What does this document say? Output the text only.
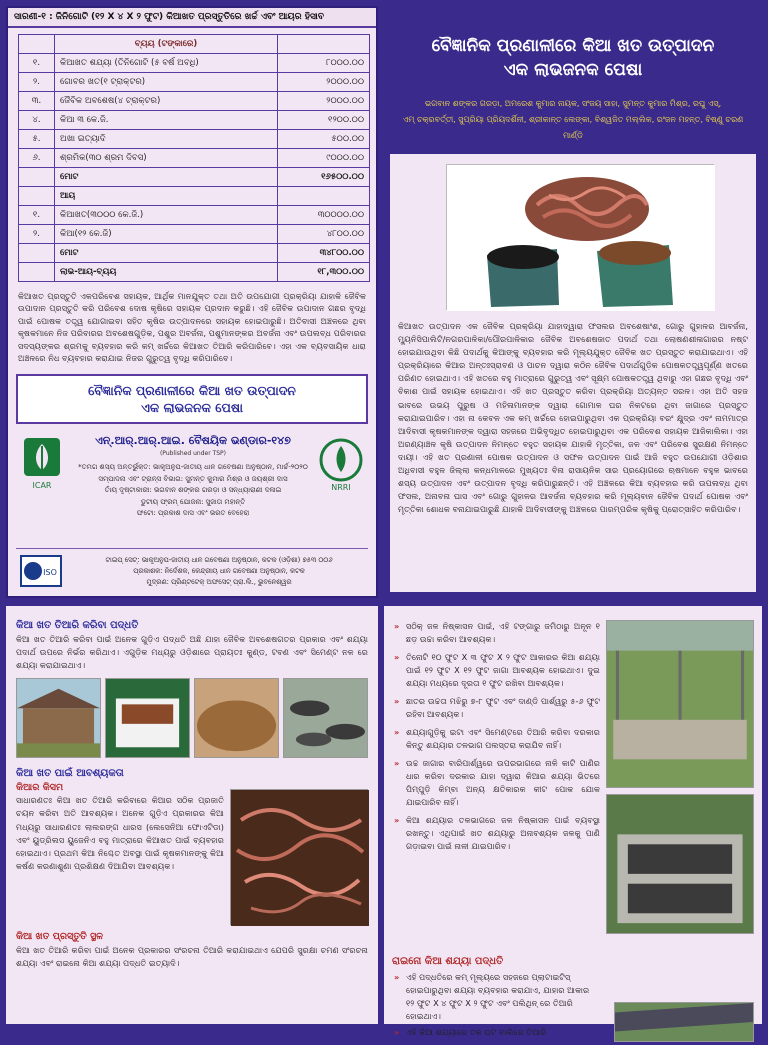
ସାରଣୀ-୧ : ଜିନିଗୋଟି (୧୨ X ୪ X ୨ ଫୁଟ) କିଆଖତ ପ୍ରସ୍ତୁତିରେ ଖର୍ଚ୍ଚ ଏବଂ ଆୟର ହିସାବ
	ବ୍ୟୟ (ଟଙ୍କାରେ)	
୧.	କିଆଖତ ଶଯ୍ୟା (ତିନିଗୋଟି (୫ ବର୍ଷ ଅବଧି)	୮୦୦୦.୦୦
୨.	ଗୋବର ଖତ(୧ ଟ୍ରାକ୍ଟର)	୨୦୦୦.୦୦
୩.	ଜୈବିକ ଅବଶେଷ(୪ ଟ୍ରାକ୍ଟର)	୨୦୦୦.୦୦
୪.	କିଆ ୩ କେ.ଜି.	୧୨୦୦.୦୦
୫.	ଅଖା ଇତ୍ୟାଦି	୫୦୦.୦୦
୬.	ଶ୍ରମିକ(୩୦ ଶ୍ରମ ଦିବସ)	୯୦୦୦.୦୦
	ମୋଟ	୧୬୫୦୦.୦୦
	ଆୟ	
୧.	କିଆଖତ(୩୦୦୦ କେ.ଜି.)	୩୦୦୦୦.୦୦
୨.	କିଆ(୧୨ କେ.ଜି)	୪୮୦୦.୦୦
	ମୋଟ	୩୪୮୦୦.୦୦
	ଲାଭ-ଆୟ-ବ୍ୟୟ	୧୮,୩୦୦.୦୦
କିଆଖତ ପ୍ରସ୍ତୁତି ଏକପରିବେଶ ସହାୟକ, ଆର୍ଥିକ ମାନଯୁକ୍ତ ତଥା ଅତି ଉପଯୋଗୀ ପ୍ରକ୍ରିୟା ଯାହାକି ଜୈବିକ ଉପାଦାନ ପ୍ରସ୍ତୁତି କରି ପରିବେଶ ଦୋଷ କୃଷିରେ ସହାୟକ ପ୍ରଦାନ କରୁଛି। ଏହି ଜୈବିକ ଉପାଦାନ ଗଛର ବୃଦ୍ଧି ପାଇଁ ପୋଷକ ତତ୍ତ୍ୱ ଯୋଗାଇବା ସହିତ କୃଷିର ଉତ୍ପାଦନରେ ସହାୟକ ହୋଇପାରୁଛି। ଅତିବାସୀ ଅଞ୍ଚଳରେ ଥିବା କୃଷକମାନେ ନିଜ ପରିବାରର ଅବଶେଷଗୁଡ଼ିକ, ପଶୁର ଅବର୍ଜନା, ପଶୁମାନଙ୍କର ଅବର୍ଜନା ଏବଂ ଉପଲବ୍ଧ ପରିବାରର ସଦସ୍ୟଙ୍କର ଶ୍ରମକୁ ବ୍ୟବହାର କରି କମ୍ ଖର୍ଚ୍ଚରେ କିଆଖତ ତିଆରି କରିପାରିବେ। ଏହା ଏକ ବ୍ୟବସାୟିକ ଧାରା ଅଞ୍ଚଳରେ ନିଧ ବ୍ୟବହାର କରାଯାଇ ନିଜର ଗୁରୁତ୍ୱ ବୃଦ୍ଧି କରିପାରିବେ।
ବୈଜ୍ଞାନିକ ପ୍ରଣାଳୀରେ କିଆ ଖତ ଉତ୍ପାଦନ
ଏକ ଲାଭଜନକ ପେଷା
ICAR
ଏନ୍.ଆର୍.ଆର୍.ଆଇ. ବୈଷୟିକ ଭଣ୍ଡାର-୧୪୭
(Published under TSP)
*ତମଗ ଶସ୍ୟ ଅନ୍ତର୍ଭୁକ୍ତ: ଭାକୃଅନୁପ-ଜାତୀୟ ଧାନ ଗବେଷଣା ଅନୁଷ୍ଠାନ, ମାର୍ଚ୍ଚ-୨୦୨୦
ସମ୍ପାଦନା ଏବଂ ଟ୍ରାନ୍ସ ବିଭାଗ: ସୁମନ୍ତ କୁମାର ମିଶ୍ର ଓ ଜୟଶ୍ରୀ ଦାସ
ତାଁୟ ଦୃଷ୍ଟାକାରୀ: ଭଗବାନ ଶଙ୍କର ଗରଡ଼ା ଓ ସନ୍ଧ୍ୟାରାଣୀ ଦଳାଇ
ଡୁଟୀୟ ଫ୍ରମ୍ ଯୋଜନା: ସୁଜାତା ମହାନ୍ତି
ଫଟୋ: ପ୍ରକାଶ ଦାସ ଏବଂ ଭରତ ବେହେରା
NRRI
ISO
ଟାଇପ୍ ସେଟ୍: ଭାକୃଅନୁପ-ଜାତୀୟ ଧାନ ଗବେଷଣା ଅନୁଷ୍ଠାନ, କଟକ (ଓଡ଼ିଶା) ୭୫୩ ୦୦୬
ପ୍ରକାଶକ: ନିର୍ଦେଶକ, କେନ୍ଦ୍ରୀୟ ଧାନ ଗବେଷଣା ଅନୁଷ୍ଠାନ, କଟକ
ମୁଦ୍ରଣ: ପ୍ରିଣ୍ଟଟେକ୍ ଅଫସେଟ୍ ପ୍ରା.ଲି., ଭୁବନେଶ୍ୱର
ବୈଜ୍ଞାନିକ ପ୍ରଣାଳୀରେ କିଆ ଖତ ଉତ୍ପାଦନ
ଏକ ଲାଭଜନକ ପେଷା
ଭଗବାନ ଶଙ୍କର ଗରଡ଼ା, ଅମରେଶ କୁମାର ନାୟକ, ସଂଜୟ ସାହା, ସୁମନ୍ତ କୁମାର ମିଶ୍ର, ରଘୁ ଏସ୍,
ଏମ୍ ଚକ୍ରବର୍ତ୍ତୀ, ସୁପ୍ରିୟା ପ୍ରିୟଦର୍ଶିନୀ, ଶ୍ରୀକାନ୍ତ ଲେଙ୍କା, ବିଶ୍ୱଜିତ ମଲ୍ଲିକ, ରଂଜନ ମହନ୍ତ, ବିଷ୍ଣୁ ଚରଣ ମାର୍ଣ୍ଡି
କିଆଖତ ଉତ୍ପାଦନ ଏକ ଜୈବିକ ପ୍ରକ୍ରିୟା ଯାହାଦ୍ୱାରା ଫସଲର ଅବଶେଷାଂଶ, ଗୋରୁ ଗୁହାଳର ଆବର୍ଜନା, ମ୍ୟୁନିସିପାଲିଟି/ନଗରପାଳିକା/ପୌରପାଳିକାର ଜୈବିକ ଅବଶେଷଜାତ ପଦାର୍ଥ ତଥା ଲୋଷଣଶୀଳାଗାରର ନଷ୍ଟ ହୋଇଯାଉଥିବା କିଛି ପଦାର୍ଥକୁ କିଆଙ୍କୁ ବ୍ୟବହାର କରି ମୂଲ୍ୟଯୁକ୍ତ ଜୈବିକ ଖତ ପ୍ରସ୍ତୁତ କରାଯାଇଥାଏ। ଏହି ପ୍ରକ୍ରିୟାରେ କିଆର ଅନ୍ତଃସ୍ରାବଣ ଓ ପାଚନ ଦ୍ୱାରା କଠିନ ଜୈବିକ ପଦାର୍ଥଗୁଡ଼ିକ ପୋଷକତତ୍ତ୍ୱପୂର୍ଣ୍ଣ ଖତରେ ପରିଣତ ହୋଇଥାଏ। ଏହି ଖତରେ ବହୁ ମାତ୍ରାରେ ଗୁରୁତ୍ୱ ଏବଂ ସୂକ୍ଷ୍ମ ପୋଷକତତ୍ତ୍ୱ ଥିବାରୁ ଏହା ଗଛର ବୃଦ୍ଧି ଏବଂ ବିକାଶ ପାଇଁ ସହାୟକ ହୋଇଥାଏ। ଏହି ଖତ ପ୍ରସ୍ତୁତ କରିବା ପ୍ରକ୍ରିୟା ଅତ୍ୟନ୍ତ ସରଳ। ଏହା ଅତି ସହଜ ଭାବରେ ଉଭୟ ପୁରୁଷ ଓ ମହିଳାମାନଙ୍କ ଦ୍ୱାରା ଗୋମାଳ ଘର ନିକଟରେ ଥିବା ଜାଗାରେ ପ୍ରସ୍ତୁତ କରାଯାଇପାରିବ। ଏହା ନା କେବଳ ଏକ କମ୍ ଖର୍ଚ୍ଚରେ ହୋଇପାରୁଥିବା ଏକ ପ୍ରକ୍ରିୟା ବରଂ କ୍ଷୁଦ୍ର ଏବଂ ନାମମାତ୍ର ଆଦିବାସୀ କୃଷକମାନଙ୍କ ଦ୍ୱାରା ସହଜରେ ଅଭିବୃଦ୍ଧିତ ହୋଇପାରୁଥିବା ଏକ ପରିବେଶ ସହାୟକ ଆଜିକାଲିକା। ଏହା ଅରଣ୍ୟାଞ୍ଚଳ କୃଷି ଉତ୍ପାଦନ ନିମନ୍ତେ ବହୁତ ସହାୟକ ଯାହାକି ମୃତ୍ତିକା, ଜଳ ଏବଂ ପରିବେଶ ସୁରକ୍ଷଣ ନିମନ୍ତେ ଦାୟୀ। ଏହି ଖତ ପ୍ରଣାଳୀ ପୋଷକ ଉତ୍ପାଦନ ଓ ସଫଳ ଉତ୍ପାଦନ ପାଇଁ ଆଜି ବହୁତ ଉପଯୋଗୀ ଓଡ଼ିଶାର ଅଧିବାସୀ ବହୁଳ ଜିଲ୍ଲା କନ୍ଧମାଳରେ ମୁଖ୍ୟତଃ ବିନା ରାସାୟନିକ ସାର ପ୍ରୟୋଗରେ ଋଷମାନେ ବହୁଳ ଭାବରେ ଶସ୍ୟ ଉତ୍ପାଦନ ଏବଂ ଉତ୍ପାଦନ ବୃଦ୍ଧି କରିପାରୁଛନ୍ତି। ଏହି ଅଞ୍ଚଳରେ କିଆ ବ୍ୟବହାର କରି ଉପଲବ୍ଧ ଥିବା ଫସଲ, ଅନାବନା ଘାସ ଏବଂ ଗୋରୁ ଗୁହାଳର ଆବର୍ଜନା ବ୍ୟବହାର କରି ମୂଲ୍ୟବାନ ଜୈବିକ ପଦାର୍ଥ ପୋଷକ ଏବଂ ମୃତ୍ତିକା ଶୋଧକ ବନାଯାଇପାରୁଛି ଯାହାକି ଆଦିବାସୀଙ୍କୁ ଅଞ୍ଚଳରେ ପାରମ୍ପରିକ କୃଷିକୁ ପ୍ରୋତ୍ସାହିତ କରିପାରିବ।
କିଆ ଖତ ତିଆରି କରିବା ପଦ୍ଧତି
କିଆ ଖତ ତିଆରି କରିବା ପାଇଁ ଅନେକ ଗୁଡ଼ିଏ ପଦ୍ଧତି ଅଛି ଯାହା ଜୈବିକ ଅବଶେଷଗତର ପ୍ରକାର ଏବଂ ଶଯ୍ୟା ପଦାର୍ଥ ଉପରେ ନିର୍ଭର କରିଥାଏ। ଏଗୁଡ଼ିକ ମଧ୍ୟରୁ ଓଡ଼ିଶାରେ ପ୍ରାୟତଃ କୁଣ୍ଡ, ଟବଣ ଏବଂ ସିମେଣ୍ଟ ନଳ ରେ ଶଯ୍ୟା କରାଯାଇଥାଏ।
କିଆ ଖତ ପାଇଁ ଆବଶ୍ୟକତା
କିଆର କିସମ
ସାଧାରଣତଃ କିଆ ଖତ ତିଆରି କରିବାରେ କିଆର ସଠିକ ପ୍ରଜାତି ଚୟନ କରିବା ଅତି ଆବଶ୍ୟକ। ଅନେକ ଗୁଡ଼ିଏ ପ୍ରକାରର କିଆ ମଧ୍ୟରୁ ସାଧାରଣତଃ ଲାଲରଙ୍ଗ ଧାରସ (ଲେସେନିଆ ଫୋଏଟିଡା) ଏବଂ ୟୁଡ୍ରିଲସ ୟୁଜେନିଏ ବହୁ ମାତ୍ରାରେ କିଆଖତ ପାଇଁ ବ୍ୟବହାର ହୋଇଥାଏ। ପ୍ରଥମ କିଆ ନିଶ୍ଚେତ ଅବସ୍ଥା ପାଇଁ କୃଷକମାନଙ୍କୁ କିଆ କର୍ଷଣ କରଣାଶୁଣା ପ୍ରଶିକ୍ଷଣ ଦିଆଯିବା ଆବଶ୍ୟକ।
କିଆ ଖତ ପ୍ରସ୍ତୁତି ସ୍ଥଳ
କିଆ ଖତ ତିଆରି କରିବା ପାଇଁ ଅନେକ ପ୍ରକାରର ସଂରଚନା ତିଆରି କରାଯାଇଥାଏ ଯେପରି ସୁରକ୍ଷା ଚମଣ ସଂରଚନା ଶଯ୍ୟା ଏବଂ ରାଇନୋ କିଆ ଶଯ୍ୟା ପଦ୍ଧତି ଇତ୍ୟାଦି।
» ସଠିକ୍ ଜଳ ନିଷ୍କାସନ ପାଇଁ, ଏହି ଟଙ୍ଗାରୁ ଜମିଠାରୁ ଅନୂନ ୧ ଛଡ଼ ଉଚ୍ଚା କରିବା ଆବଶ୍ୟକ।
» ତିନୋଟି ୧୦ ଫୁଟ X ୩ ଫୁଟ X ୨ ଫୁଟ ଆକାରର କିଆ ଶଯ୍ୟା ପାଇଁ ୧୨ ଫୁଟ X ୧୨ ଫୁଟ ଜାଗା ଆବଶ୍ୟକ ହୋଇଥାଏ। ଦୁଇ ଶଯ୍ୟା ମଧ୍ୟରେ ଦୂରତା ୧ ଫୁଟ ରଖିବା ଆବଶ୍ୟକ।
» ଛାତର ଉଚ୍ଚତା ମଝିରୁ ୭-୮ ଫୁଟ ଏବଂ ଦାଣ୍ଡି ପାର୍ଶ୍ୱରୁ ୫-୬ ଫୁଟ ରହିବା ଆବଶ୍ୟକ।
» ଶଯ୍ୟାଗୁଡ଼ିକୁ ଇଟା ଏବଂ ସିମେଣ୍ଟରେ ତିଆରି କରିବା ଦରକାର କିନ୍ତୁ ଶଯ୍ୟାର ତଳଭାଗ ପଲସ୍ତରା କରାଯିବ ନାହିଁ।
» ଉଚ୍ଚ ଜାଗାର ବାରିପାର୍ଶ୍ୱରେ ଉପରଭାଗରେ ନାଳି କାଟି ପାଣିର ଧାର କରିବା ଦରକାର ଯାହା ଦ୍ୱାରା କିଆର ଶଯ୍ୟା ଭିତରେ ପିମ୍ପୁଡ଼ି କିମ୍ବା ଅନ୍ୟ କ୍ଷତିକାରକ କୀଟ ପୋକ ଯୋକ ଯାଇପାରିବ ନାହିଁ।
» କିଆ ଶଯ୍ୟାର ତଳଭାଗରେ ଜଳ ନିଷ୍କାସନ ପାଇଁ ବ୍ୟବସ୍ଥା ରଖନ୍ତୁ। ଏଥିପାଇଁ ଖତ ଶଯ୍ୟାରୁ ଅନାବଶ୍ୟକ ଜଳକୁ ପାଣି ଗଡ଼ାଇବା ପାଇଁ ନାଳୀ ଯାଇପାରିବ।
ରାଇନୋ କିଆ ଶଯ୍ୟା ପଦ୍ଧତି
» ଏହି ପଦ୍ଧତିରେ କମ୍ ମୂଲ୍ୟରେ ସହଜରେ ପ୍ଲାଟାଇଟିସ୍ ହୋଇପାରୁଥିବା ଶଯ୍ୟା ବ୍ୟବହାର କରାଯାଏ, ଯାହାର ଆକାର ୧୨ ଫୁଟ X ୪ ଫୁଟ X ୨ ଫୁଟ ଏବଂ ପଲିଥିନ୍ ରେ ତିଆରି ହୋଇଥାଏ।
» ଏହି କିଆ ଶଯ୍ୟାରେ ତଳ ଘଟ ବାଲିରେ ତିଆରି
